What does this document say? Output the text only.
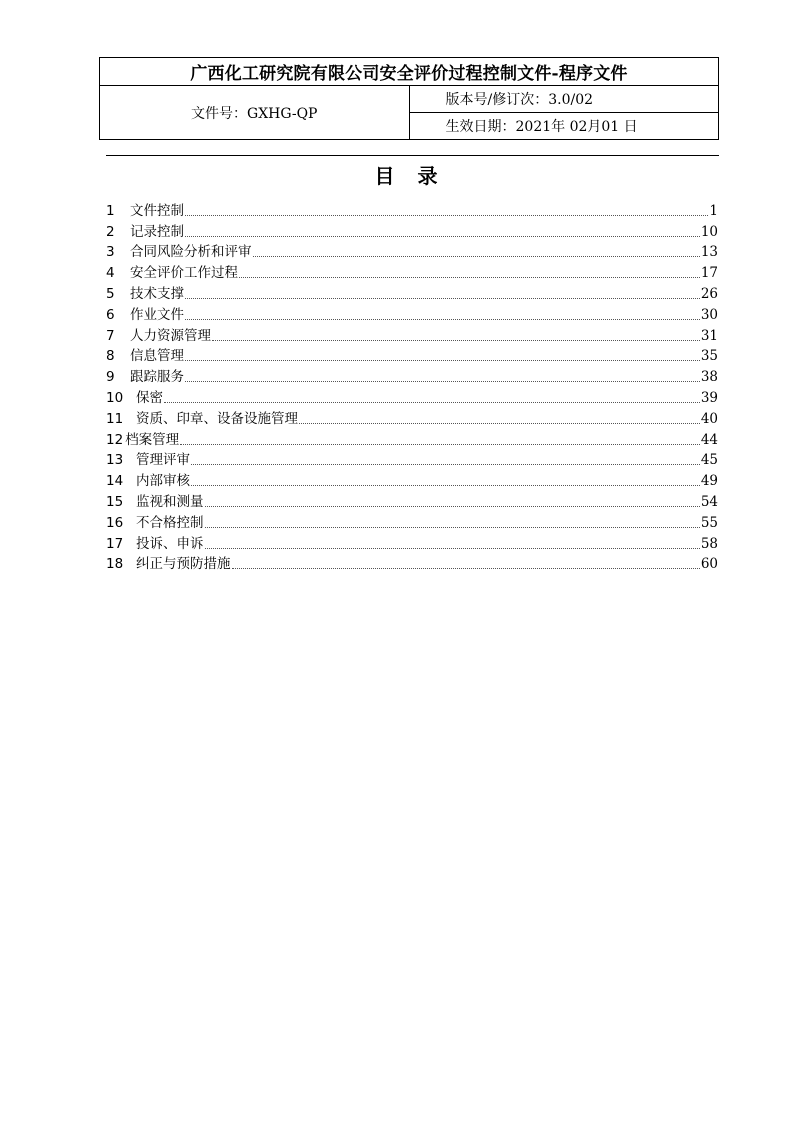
广西化工研究院有限公司安全评价过程控制文件-程序文件
文件号：GXHG-QP	版本号/修订次：3.0/02
生效日期：2021年 02月01 日
目 录
1	文件控制	1
2	记录控制	10
3	合同风险分析和评审	13
4	安全评价工作过程	17
5	技术支撑	26
6	作业文件	30
7	人力资源管理	31
8	信息管理	35
9	跟踪服务	38
10 保密	39
11 资质、印章、设备设施管理	40
12 档案管理	44
13 管理评审	45
14 内部审核	49
15 监视和测量	54
16 不合格控制	55
17 投诉、申诉	58
18 纠正与预防措施	60
